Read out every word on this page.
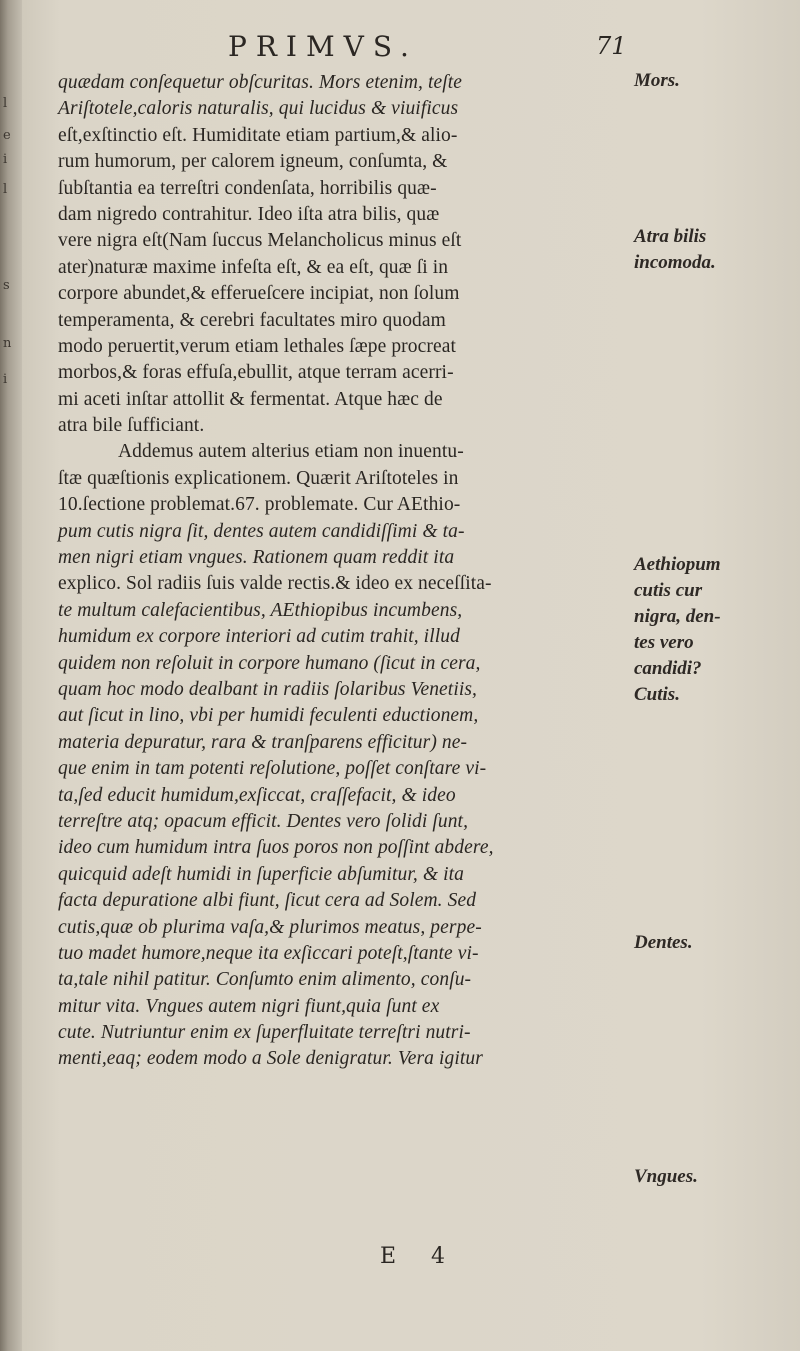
l
e
i
l
s
n
i
PRIMVS.	71
quædam conſequetur obſcuritas. Mors etenim, teſte
Ariſtotele,caloris naturalis, qui lucidus & viuificus
eſt,exſtinctio eſt. Humiditate etiam partium,& alio-
rum humorum, per calorem igneum, conſumta, &
ſubſtantia ea terreſtri condenſata, horribilis quæ-
dam nigredo contrahitur. Ideo iſta atra bilis, quæ
vere nigra eſt(Nam ſuccus Melancholicus minus eſt
ater)naturæ maxime infeſta eſt, & ea eſt, quæ ſi in
corpore abundet,& efferueſcere incipiat, non ſolum
temperamenta, & cerebri facultates miro quodam
modo peruertit,verum etiam lethales ſæpe procreat
morbos,& foras effuſa,ebullit, atque terram acerri-
mi aceti inſtar attollit & fermentat. Atque hæc de
atra bile ſufficiant.
Addemus autem alterius etiam non inuentu-
ſtæ quæſtionis explicationem. Quærit Ariſtoteles in
10.ſectione problemat.67. problemate. Cur AEthio-
pum cutis nigra ſit, dentes autem candidiſſimi & ta-
men nigri etiam vngues. Rationem quam reddit ita
explico. Sol radiis ſuis valde rectis.& ideo ex neceſſita-
te multum calefacientibus, AEthiopibus incumbens,
humidum ex corpore interiori ad cutim trahit, illud
quidem non reſoluit in corpore humano (ſicut in cera,
quam hoc modo dealbant in radiis ſolaribus Venetiis,
aut ſicut in lino, vbi per humidi feculenti eductionem,
materia depuratur, rara & tranſparens efficitur) ne-
que enim in tam potenti reſolutione, poſſet conſtare vi-
ta,ſed educit humidum,exſiccat, craſſefacit, & ideo
terreſtre atq; opacum efficit. Dentes vero ſolidi ſunt,
ideo cum humidum intra ſuos poros non poſſint abdere,
quicquid adeſt humidi in ſuperficie abſumitur, & ita
facta depuratione albi fiunt, ſicut cera ad Solem. Sed
cutis,quæ ob plurima vaſa,& plurimos meatus, perpe-
tuo madet humore,neque ita exſiccari poteſt,ſtante vi-
ta,tale nihil patitur. Conſumto enim alimento, conſu-
mitur vita. Vngues autem nigri fiunt,quia ſunt ex
cute. Nutriuntur enim ex ſuperfluitate terreſtri nutri-
menti,eaq; eodem modo a Sole denigratur. Vera igitur
Mors.
Atra bilis
incomoda.
Aethiopum
cutis cur
nigra, den-
tes vero
candidi?
Cutis.
Dentes.
Vngues.
E 4
